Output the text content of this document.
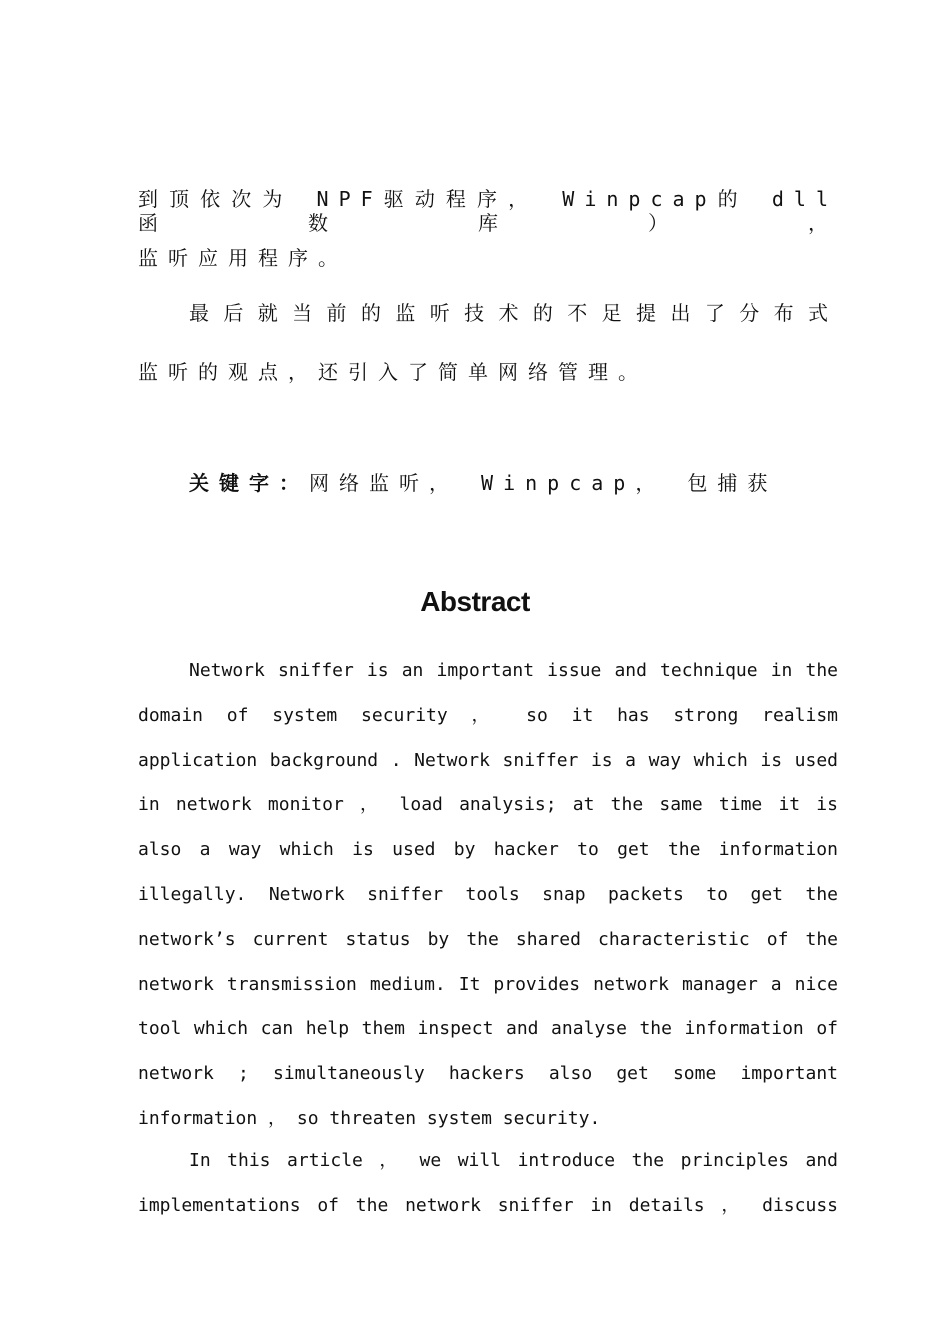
到顶依次为 NPF驱动程序， Winpcap的 dll函数库），
监听应用程序。
最后就当前的监听技术的不足提出了分布式
监听的观点，还引入了简单网络管理。
关键字：网络监听， Winpcap， 包捕获
Abstract
Network sniffer is an important issue and technique in the
domain of system security ， so it has strong realism
application background . Network sniffer is a way which is used
in network monitor ， load analysis; at the same time it is
also a way which is used by hacker to get the information
illegally. Network sniffer tools snap packets to get the
network’s current status by the shared characteristic of the
network transmission medium. It provides network manager a nice
tool which can help them inspect and analyse the information of
network ; simultaneously hackers also get some important
information ， so threaten system security.
In this article ， we will introduce the principles and
implementations of the network sniffer in details ， discuss
